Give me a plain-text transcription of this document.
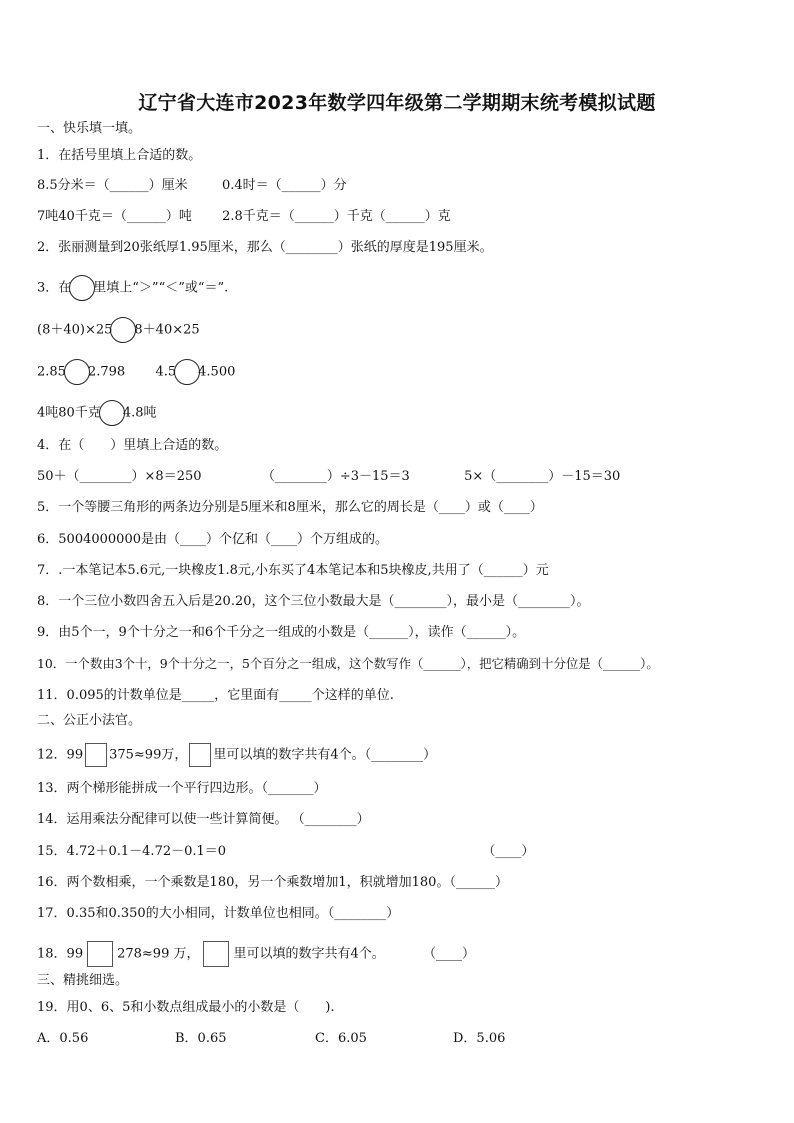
辽宁省大连市2023年数学四年级第二学期期末统考模拟试题
一、快乐填一填。
1．在括号里填上合适的数。
8.5分米＝（______）厘米	0.4时＝（______）分
7吨40千克＝（______）吨 2.8千克＝（______）千克（______）克
2．张丽测量到20张纸厚1.95厘米，那么（________）张纸的厚度是195厘米。
3．在 里填上“＞”“＜”或“＝”.
(8＋40)×25 8＋40×25
2.85 2.798 4.5 4.500
4吨80千克 4.8吨
4．在（　　）里填上合适的数。
50＋（________）×8＝250	（________）÷3－15＝3	5×（________）－15＝30
5．一个等腰三角形的两条边分别是5厘米和8厘米，那么它的周长是（____）或（____）
6．5004000000是由（____）个亿和（____）个万组成的。
7．.一本笔记本5.6元,一块橡皮1.8元,小东买了4本笔记本和5块橡皮,共用了（______）元
8．一个三位小数四舍五入后是20.20，这个三位小数最大是（________），最小是（________）。
9．由5个一，9个十分之一和6个千分之一组成的小数是（______），读作（______）。
10．一个数由3个十，9个十分之一，5个百分之一组成，这个数写作（______），把它精确到十分位是（______）。
11．0.095的计数单位是_____，它里面有_____个这样的单位.
二、公正小法官。
12．99 375≈99万， 里可以填的数字共有4个。（________）
13．两个梯形能拼成一个平行四边形。（_______）
14．运用乘法分配律可以使一些计算简便。 （________）
15．4.72＋0.1－4.72－0.1＝0	（____）
16．两个数相乘，一个乘数是180，另一个乘数增加1，积就增加180。（______）
17．0.35和0.350的大小相同，计数单位也相同。（________）
18．99	278≈99 万，	里可以填的数字共有4个。	（____）
三、精挑细选。
19．用0、6、5和小数点组成最小的小数是（　　).
A．0.56	B．0.65	C．6.05	D．5.06
